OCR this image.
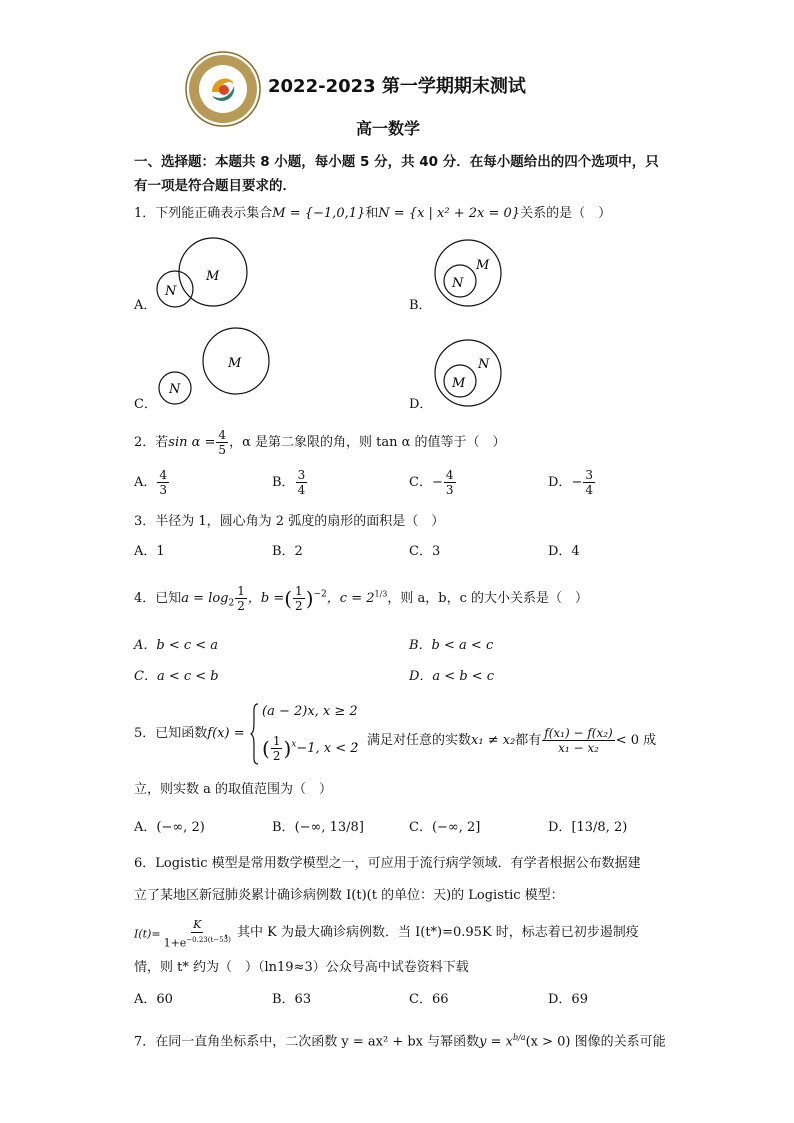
2022-2023 第一学期期末测试
高一数学
一、选择题：本题共 8 小题，每小题 5 分，共 40 分．在每小题给出的四个选项中，只
有一项是符合题目要求的．
1．下列能正确表示集合M = {−1,0,1}和N = {x | x² + 2x = 0}关系的是（　）
M
N
A．
M
N
B．
M
N
C．
N
M
D．
2．若$\sin \alpha = \frac{4}{5}$ ，α 是第二象限的角，则 tan α 的值等于（　）
A． $\frac{4}{3}$	B． $\frac{3}{4}$	C．− $\frac{4}{3}$	D．− $\frac{3}{4}$
3．半径为 1，圆心角为 2 弧度的扇形的面积是（　）
A．1	B．2	C．3	D．4
4．已知$a = \log_2 \frac{1}{2}$ ，b =( $\frac{1}{2} )^{-2}$，$c = 2^{1/3}$，则 a，b，c 的大小关系是（　）
A．b < c < a	B．b < a < c
C．a < c < b	D．a < b < c
5．已知函数f(x) =
(a − 2)x, x ≥ 2
( $\frac{1}{2} )^x-1$, x < 2
，满足对任意的实数x₁ ≠ x₂都有 $\frac{\text{f(x₁) − f(x₂)}}{\text{x₁ − x₂}} < 0$ 成
立，则实数 a 的取值范围为（　）
A．(−∞, 2)	B．(−∞, 13/8]	C．(−∞, 2]	D．[13/8, 2)
6．Logistic 模型是常用数学模型之一，可应用于流行病学领域．有学者根据公布数据建
立了某地区新冠肺炎累计确诊病例数 I(t)(t 的单位：天)的 Logistic 模型：
$I(t)= \frac{K}{1+e^{-0.23(t-53)}}$
，其中 K 为最大确诊病例数．当 I(t*)=0.95K 时，标志着已初步遏制疫
情，则 t* 约为（　）（ln19≈3）公众号高中试卷资料下载
A．60	B．63	C．66	D．69
7．在同一直角坐标系中，二次函数 y = ax² + bx 与幂函数$y = x^{b/a}(x > 0)$ 图像的关系可能
